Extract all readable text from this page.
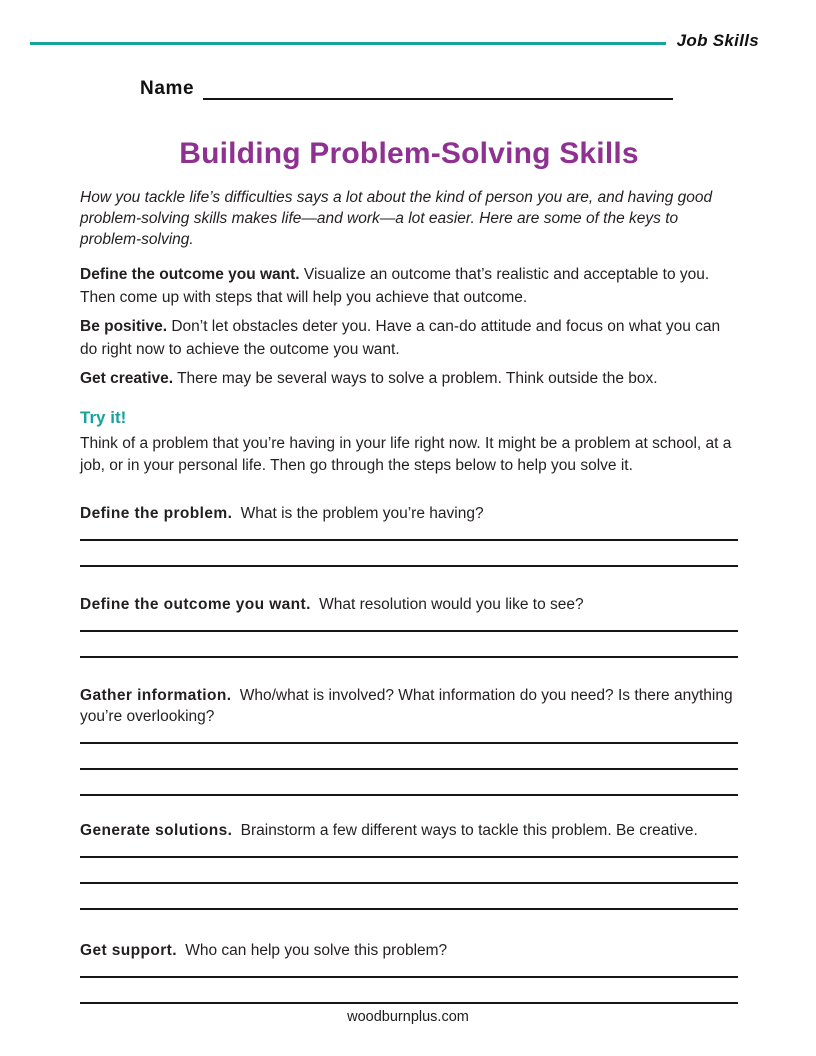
Job Skills
Name
Building Problem-Solving Skills

How you tackle life’s difficulties says a lot about the kind of person you are, and having good problem-solving skills makes life—and work—a lot easier. Here are some of the keys to problem-solving.

Define the outcome you want. Visualize an outcome that’s realistic and acceptable to you. Then come up with steps that will help you achieve that outcome.

Be positive. Don’t let obstacles deter you. Have a can-do attitude and focus on what you can do right now to achieve the outcome you want.

Get creative. There may be several ways to solve a problem. Think outside the box.

Try it!

Think of a problem that you’re having in your life right now. It might be a problem at school, at a job, or in your personal life. Then go through the steps below to help you solve it.

Define the problem. What is the problem you’re having?

Define the outcome you want. What resolution would you like to see?

Gather information. Who/what is involved? What information do you need? Is there anything you’re overlooking?

Generate solutions. Brainstorm a few different ways to tackle this problem. Be creative.

Get support. Who can help you solve this problem?

woodburnplus.com
